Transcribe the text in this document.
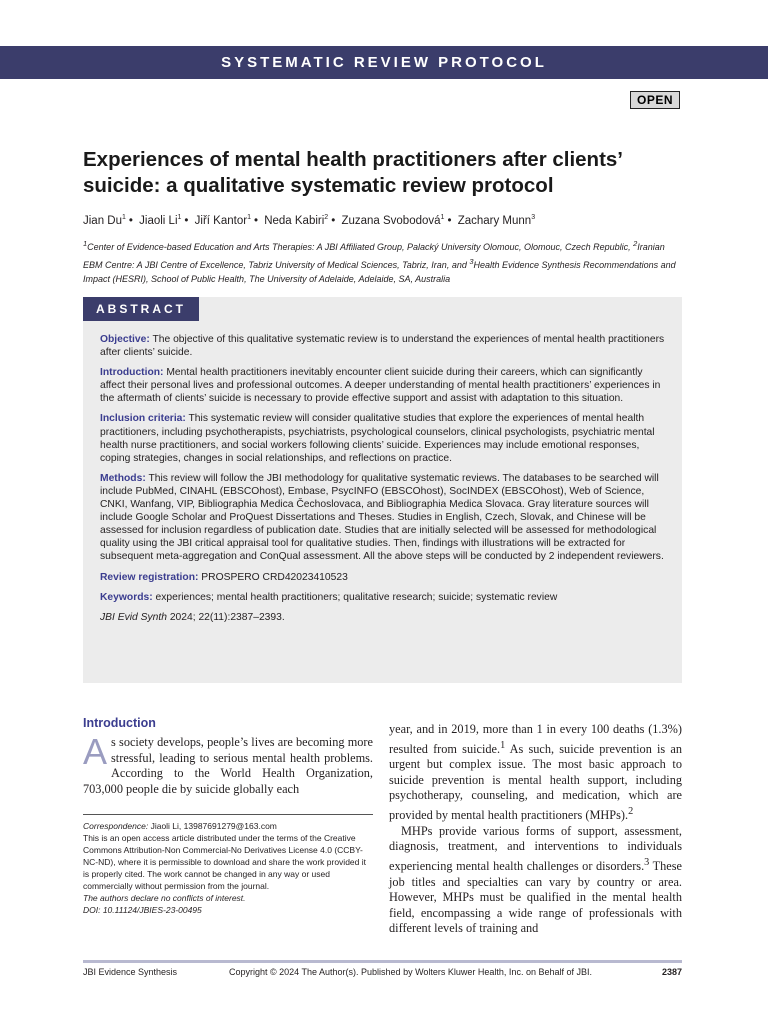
SYSTEMATIC REVIEW PROTOCOL
OPEN
Experiences of mental health practitioners after clients’ suicide: a qualitative systematic review protocol
Jian Du$^1$ • Jiaoli Li$^1$ • Jiří Kantor$^1$ • Neda Kabiri$^2$ • Zuzana Svobodová$^1$ • Zachary Munn$^3$
$^1$Center of Evidence-based Education and Arts Therapies: A JBI Affiliated Group, Palacký University Olomouc, Olomouc, Czech Republic, $^2$Iranian EBM Centre: A JBI Centre of Excellence, Tabriz University of Medical Sciences, Tabriz, Iran, and $^3$Health Evidence Synthesis Recommendations and Impact (HESRI), School of Public Health, The University of Adelaide, Adelaide, SA, Australia
ABSTRACT

Objective: The objective of this qualitative systematic review is to understand the experiences of mental health practitioners after clients’ suicide.

Introduction: Mental health practitioners inevitably encounter client suicide during their careers, which can significantly affect their personal lives and professional outcomes. A deeper understanding of mental health practitioners’ experiences in the aftermath of clients’ suicide is necessary to provide effective support and assist with adaptation to this situation.

Inclusion criteria: This systematic review will consider qualitative studies that explore the experiences of mental health practitioners, including psychotherapists, psychiatrists, psychological counselors, clinical psychologists, psychiatric mental health nurse practitioners, and social workers following clients’ suicide. Experiences may include emotional responses, coping strategies, changes in social relationships, and reflections on practice.

Methods: This review will follow the JBI methodology for qualitative systematic reviews. The databases to be searched will include PubMed, CINAHL (EBSCOhost), Embase, PsycINFO (EBSCOhost), SocINDEX (EBSCOhost), Web of Science, CNKI, Wanfang, VIP, Bibliographia Medica Čechoslovaca, and Bibliographia Medica Slovaca. Gray literature sources will include Google Scholar and ProQuest Dissertations and Theses. Studies in English, Czech, Slovak, and Chinese will be assessed for inclusion regardless of publication date. Studies that are initially selected will be assessed for methodological quality using the JBI critical appraisal tool for qualitative studies. Then, findings with illustrations will be extracted for subsequent meta-aggregation and ConQual assessment. All the above steps will be conducted by 2 independent reviewers.

Review registration: PROSPERO CRD42023410523

Keywords: experiences; mental health practitioners; qualitative research; suicide; systematic review

JBI Evid Synth 2024; 22(11):2387–2393.

Introduction
As society develops, people’s lives are becoming more stressful, leading to serious mental health problems. According to the World Health Organization, 703,000 people die by suicide globally each
Correspondence: Jiaoli Li, 13987691279@163.com
This is an open access article distributed under the terms of the Creative Commons Attribution-Non Commercial-No Derivatives License 4.0 (CCBY-NC-ND), where it is permissible to download and share the work provided it is properly cited. The work cannot be changed in any way or used commercially without permission from the journal.
The authors declare no conflicts of interest.
DOI: 10.11124/JBIES-23-00495

year, and in 2019, more than 1 in every 100 deaths (1.3%) resulted from suicide.$^1$ As such, suicide prevention is an urgent but complex issue. The most basic approach to suicide prevention is mental health support, including psychotherapy, counseling, and medication, which are provided by mental health practitioners (MHPs).$^2$

MHPs provide various forms of support, assessment, diagnosis, treatment, and interventions to individuals experiencing mental health challenges or disorders.$^3$ These job titles and specialties can vary by country or area. However, MHPs must be qualified in the mental health field, encompassing a wide range of professionals with different levels of training and

JBI Evidence Synthesis	Copyright © 2024 The Author(s). Published by Wolters Kluwer Health, Inc. on Behalf of JBI.	2387
